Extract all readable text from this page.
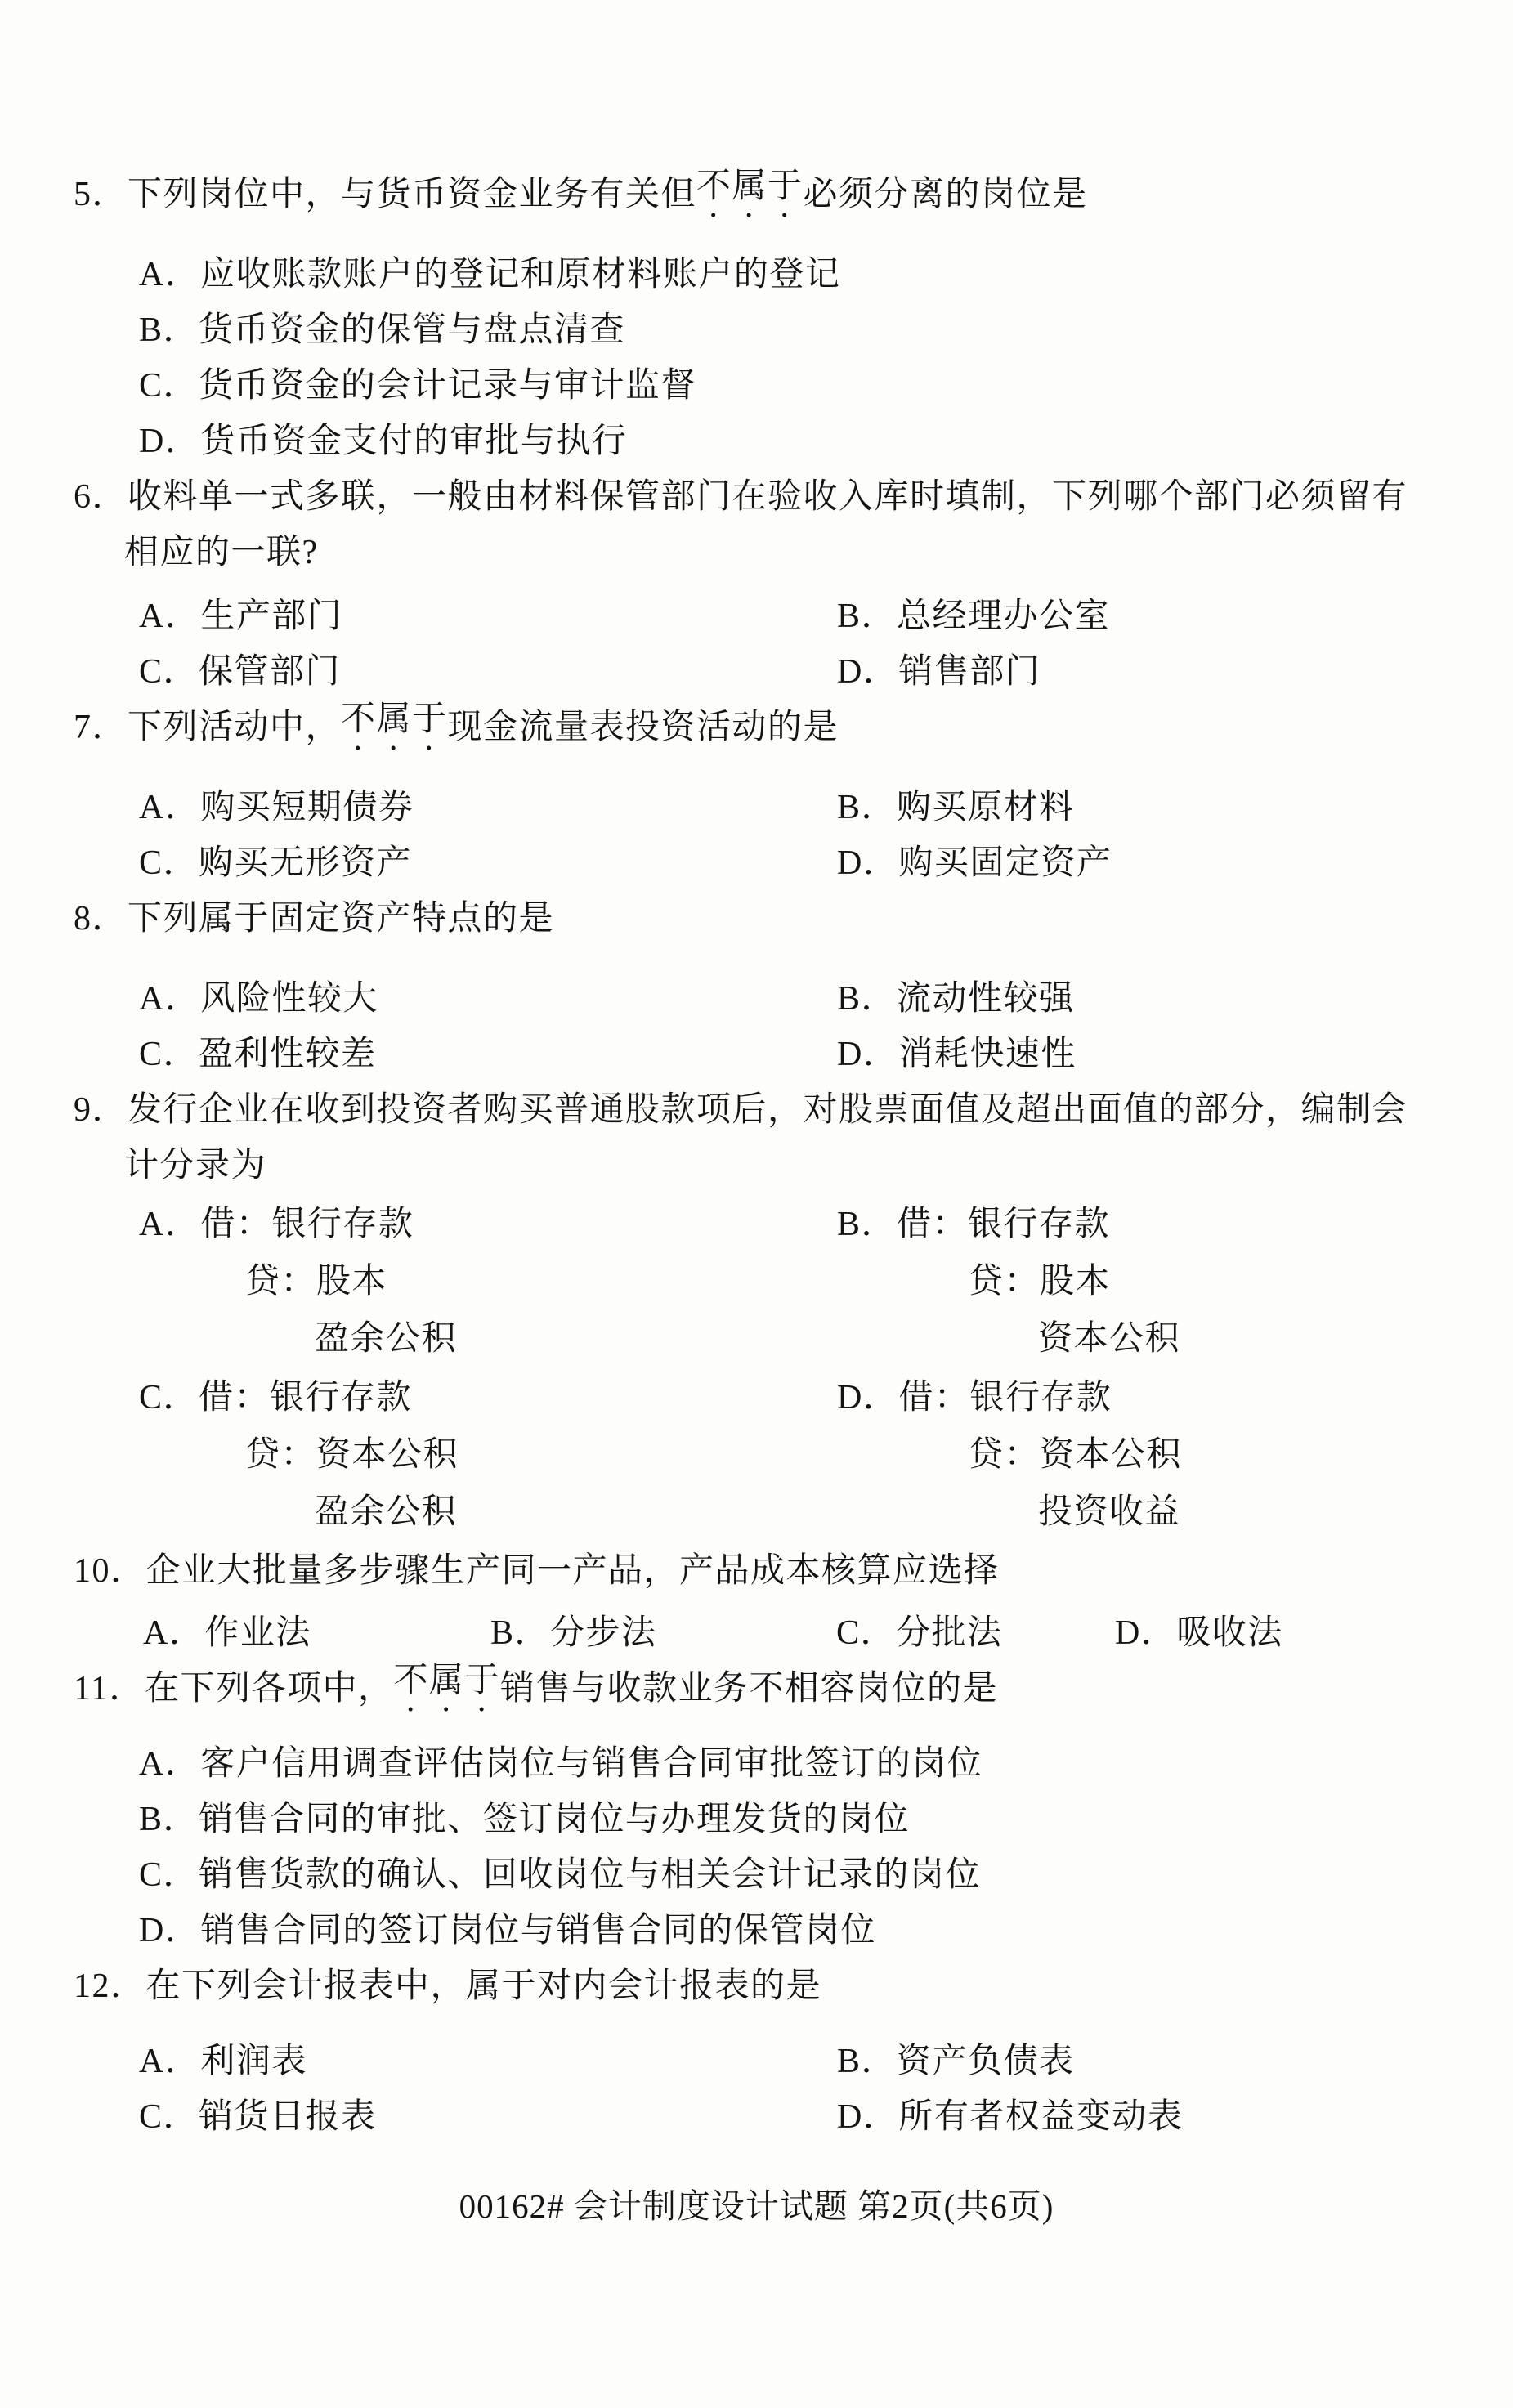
5． 下列岗位中，与货币资金业务有关但 不属于 必须分离的岗位是
A．应收账款账户的登记和原材料账户的登记
B．货币资金的保管与盘点清查
C．货币资金的会计记录与审计监督
D．货币资金支付的审批与执行
6． 收料单一式多联，一般由材料保管部门在验收入库时填制，下列哪个部门必须留有
相应的一联?
A．生产部门	B．总经理办公室
C．保管部门	D．销售部门
7． 下列活动中， 不属于 现金流量表投资活动的是
A．购买短期债券	B．购买原材料
C．购买无形资产	D．购买固定资产
8． 下列属于固定资产特点的是
A．风险性较大	B．流动性较强
C．盈利性较差	D．消耗快速性
9． 发行企业在收到投资者购买普通股款项后，对股票面值及超出面值的部分，编制会
计分录为
A．借：银行存款	B．借：银行存款
贷：股本	贷：股本
盈余公积	资本公积
C．借：银行存款	D．借：银行存款
贷：资本公积	贷：资本公积
盈余公积	投资收益
10． 企业大批量多步骤生产同一产品，产品成本核算应选择
A．作业法	B．分步法	C．分批法	D．吸收法
11． 在下列各项中， 不属于 销售与收款业务不相容岗位的是
A．客户信用调查评估岗位与销售合同审批签订的岗位
B．销售合同的审批、签订岗位与办理发货的岗位
C．销售货款的确认、回收岗位与相关会计记录的岗位
D．销售合同的签订岗位与销售合同的保管岗位
12． 在下列会计报表中，属于对内会计报表的是
A．利润表	B．资产负债表
C．销货日报表	D．所有者权益变动表
00162# 会计制度设计试题 第2页(共6页)
